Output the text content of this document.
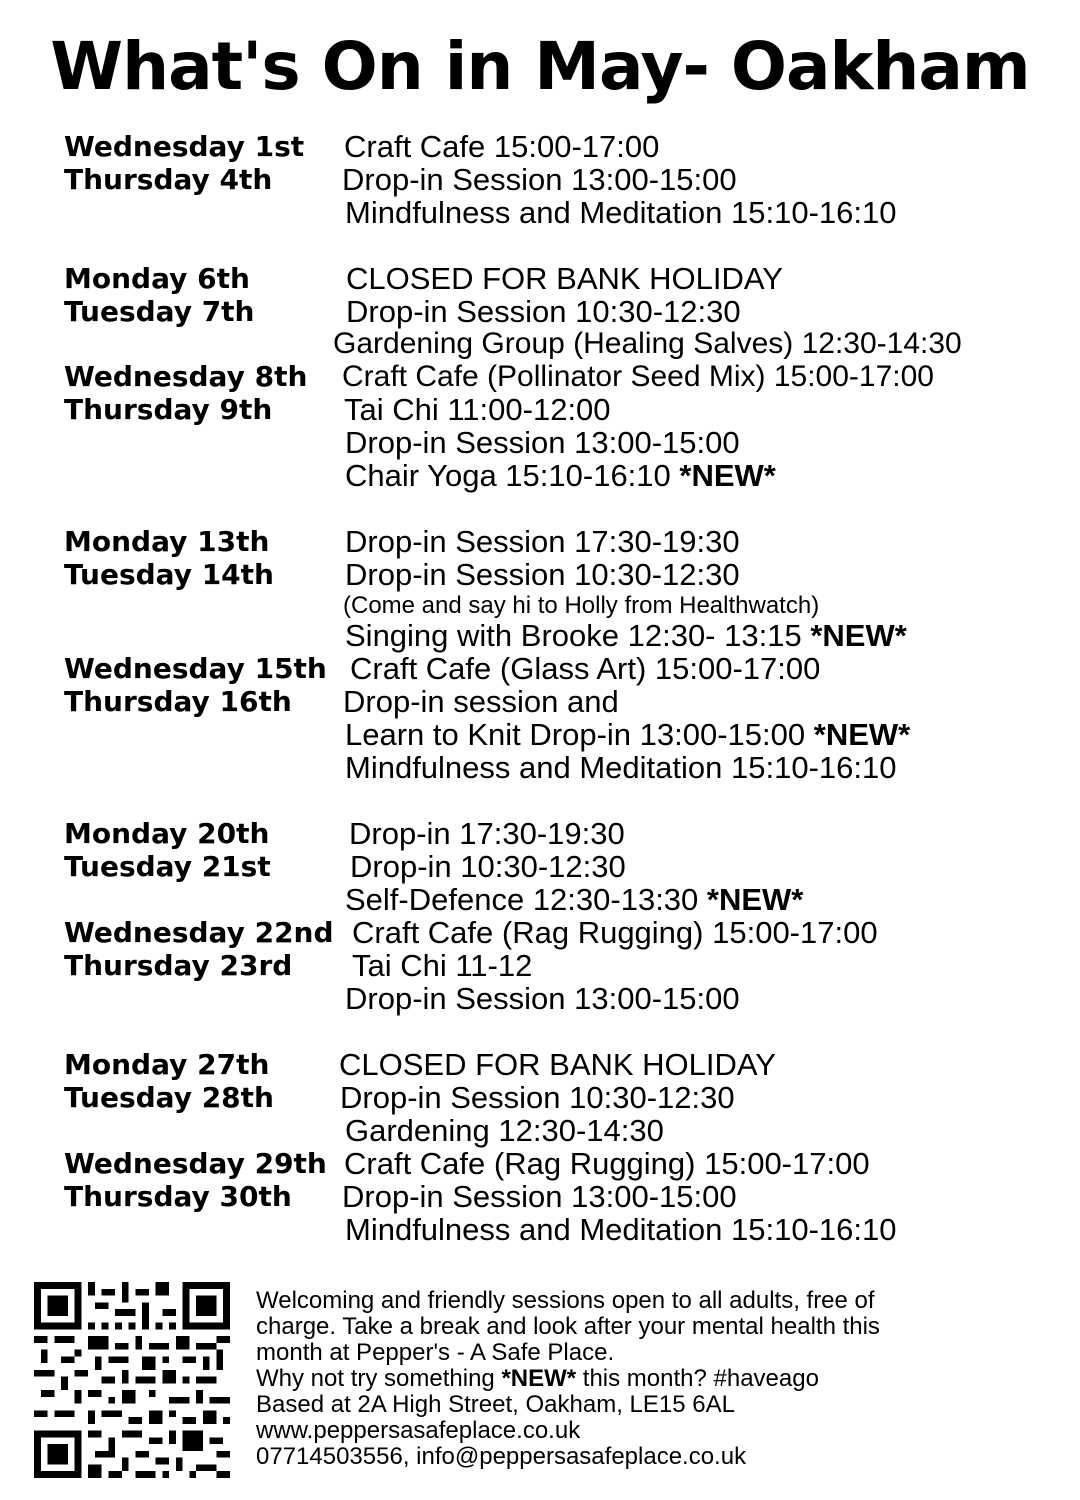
What's On in May- Oakham
Wednesday 1st Craft Cafe 15:00-17:00
Thursday 4th Drop-in Session 13:00-15:00
Mindfulness and Meditation 15:10-16:10
Monday 6th	CLOSED FOR BANK HOLIDAY
Tuesday 7th	Drop-in Session 10:30-12:30
Gardening Group (Healing Salves) 12:30-14:30
Wednesday 8th Craft Cafe (Pollinator Seed Mix) 15:00-17:00
Thursday 9th Tai Chi 11:00-12:00
Drop-in Session 13:00-15:00
Chair Yoga 15:10-16:10 *NEW*
Monday 13th Drop-in Session 17:30-19:30
Tuesday 14th Drop-in Session 10:30-12:30
(Come and say hi to Holly from Healthwatch)
Singing with Brooke 12:30- 13:15 *NEW*
Wednesday 15th Craft Cafe (Glass Art) 15:00-17:00
Thursday 16th Drop-in session and
Learn to Knit Drop-in 13:00-15:00 *NEW*
Mindfulness and Meditation 15:10-16:10
Monday 20th	Drop-in 17:30-19:30
Tuesday 21st	Drop-in 10:30-12:30
Self-Defence 12:30-13:30 *NEW*
Wednesday 22nd Craft Cafe (Rag Rugging) 15:00-17:00
Thursday 23rd Tai Chi 11-12
Drop-in Session 13:00-15:00
Monday 27th CLOSED FOR BANK HOLIDAY
Tuesday 28th Drop-in Session 10:30-12:30
Gardening 12:30-14:30
Wednesday 29th Craft Cafe (Rag Rugging) 15:00-17:00
Thursday 30th Drop-in Session 13:00-15:00
Mindfulness and Meditation 15:10-16:10
Welcoming and friendly sessions open to all adults, free of
charge. Take a break and look after your mental health this
month at Pepper's - A Safe Place.
Why not try something *NEW* this month? #haveago
Based at 2A High Street, Oakham, LE15 6AL
www.peppersasafeplace.co.uk
07714503556, info@peppersasafeplace.co.uk
